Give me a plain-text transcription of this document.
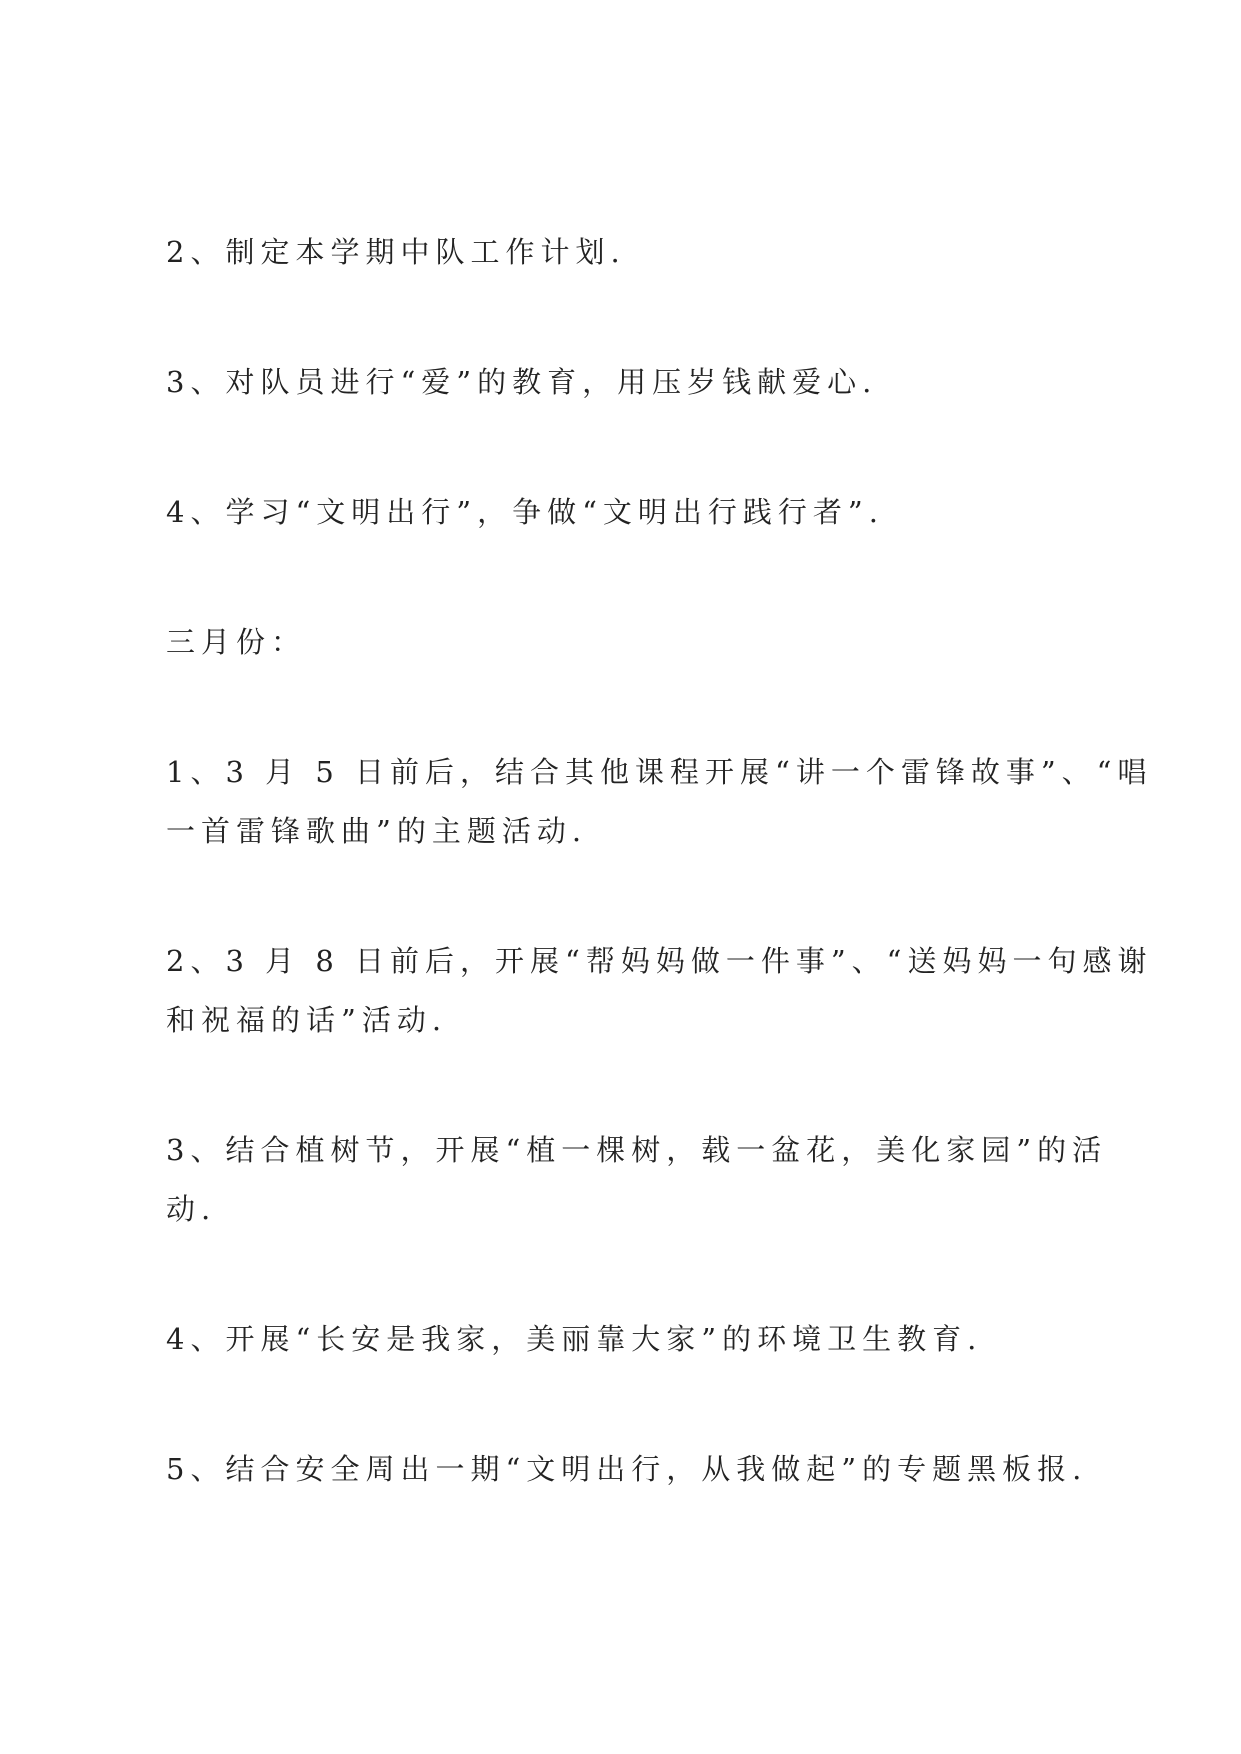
2、制定本学期中队工作计划.
3、对队员进行“爱”的教育，用压岁钱献爱心.
4、学习“文明出行”，争做“文明出行践行者”.
三月份：
1、3 月 5 日前后，结合其他课程开展“讲一个雷锋故事”、“唱
一首雷锋歌曲”的主题活动.
2、3 月 8 日前后，开展“帮妈妈做一件事”、“送妈妈一句感谢
和祝福的话”活动.
3、结合植树节，开展“植一棵树，载一盆花，美化家园”的活
动.
4、开展“长安是我家，美丽靠大家”的环境卫生教育.
5、结合安全周出一期“文明出行，从我做起”的专题黑板报.
